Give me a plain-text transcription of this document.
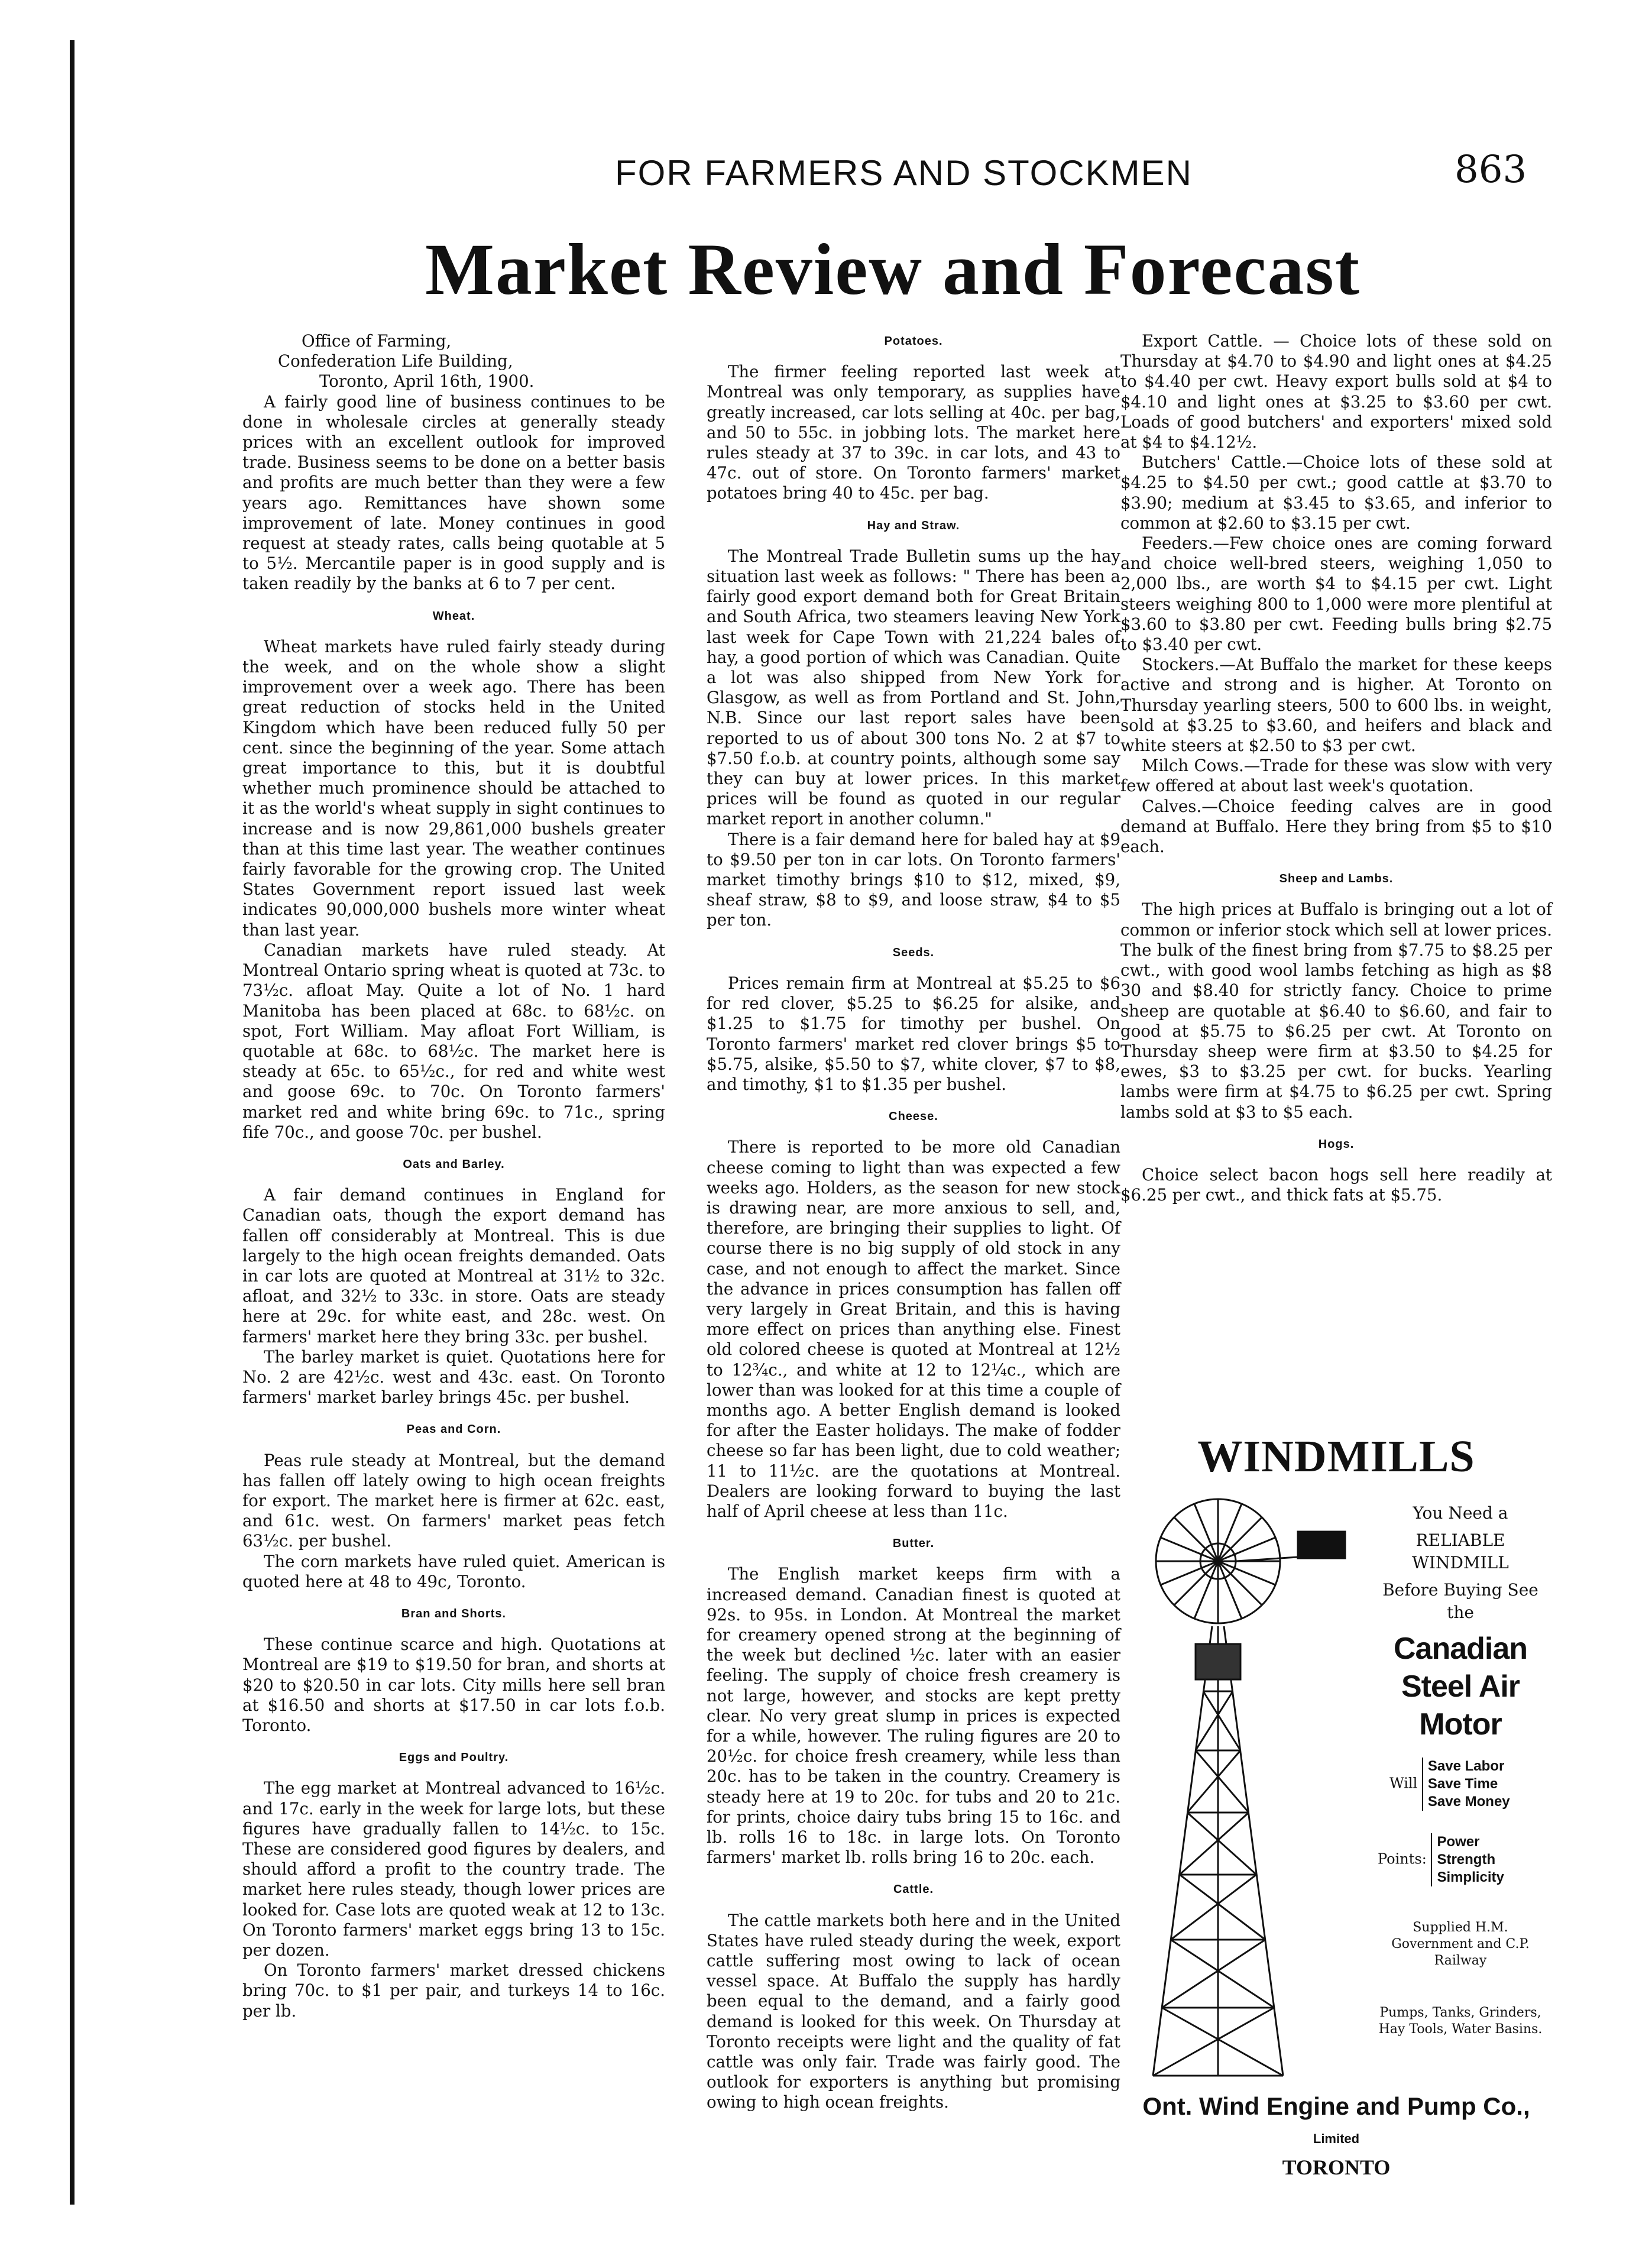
FOR FARMERS AND STOCKMEN	863
Market Review and Forecast

Office of Farming,

Confederation Life Building,

Toronto, April 16th, 1900.

A fairly good line of business continues to be done in wholesale circles at generally steady prices with an excellent outlook for improved trade. Business seems to be done on a better basis and profits are much better than they were a few years ago. Remittances have shown some improvement of late. Money continues in good request at steady rates, calls being quotable at 5 to 5½. Mercantile paper is in good supply and is taken readily by the banks at 6 to 7 per cent.

Wheat.

Wheat markets have ruled fairly steady during the week, and on the whole show a slight improvement over a week ago. There has been great reduction of stocks held in the United Kingdom which have been reduced fully 50 per cent. since the beginning of the year. Some attach great importance to this, but it is doubtful whether much prominence should be attached to it as the world's wheat supply in sight continues to increase and is now 29,861,000 bushels greater than at this time last year. The weather continues fairly favorable for the growing crop. The United States Government report issued last week indicates 90,000,000 bushels more winter wheat than last year.

Canadian markets have ruled steady. At Montreal Ontario spring wheat is quoted at 73c. to 73½c. afloat May. Quite a lot of No. 1 hard Manitoba has been placed at 68c. to 68½c. on spot, Fort William. May afloat Fort William, is quotable at 68c. to 68½c. The market here is steady at 65c. to 65½c., for red and white west and goose 69c. to 70c. On Toronto farmers' market red and white bring 69c. to 71c., spring fife 70c., and goose 70c. per bushel.

Oats and Barley.

A fair demand continues in England for Canadian oats, though the export demand has fallen off considerably at Montreal. This is due largely to the high ocean freights demanded. Oats in car lots are quoted at Montreal at 31½ to 32c. afloat, and 32½ to 33c. in store. Oats are steady here at 29c. for white east, and 28c. west. On farmers' market here they bring 33c. per bushel.

The barley market is quiet. Quotations here for No. 2 are 42½c. west and 43c. east. On Toronto farmers' market barley brings 45c. per bushel.

Peas and Corn.

Peas rule steady at Montreal, but the demand has fallen off lately owing to high ocean freights for export. The market here is firmer at 62c. east, and 61c. west. On farmers' market peas fetch 63½c. per bushel.

The corn markets have ruled quiet. American is quoted here at 48 to 49c, Toronto.

Bran and Shorts.

These continue scarce and high. Quotations at Montreal are $19 to $19.50 for bran, and shorts at $20 to $20.50 in car lots. City mills here sell bran at $16.50 and shorts at $17.50 in car lots f.o.b. Toronto.

Eggs and Poultry.

The egg market at Montreal advanced to 16½c. and 17c. early in the week for large lots, but these figures have gradually fallen to 14½c. to 15c. These are considered good figures by dealers, and should afford a profit to the country trade. The market here rules steady, though lower prices are looked for. Case lots are quoted weak at 12 to 13c. On Toronto farmers' market eggs bring 13 to 15c. per dozen.

On Toronto farmers' market dressed chickens bring 70c. to $1 per pair, and turkeys 14 to 16c. per lb.

Potatoes.

The firmer feeling reported last week at Montreal was only temporary, as supplies have greatly increased, car lots selling at 40c. per bag, and 50 to 55c. in jobbing lots. The market here rules steady at 37 to 39c. in car lots, and 43 to 47c. out of store. On Toronto farmers' market potatoes bring 40 to 45c. per bag.

Hay and Straw.

The Montreal Trade Bulletin sums up the hay situation last week as follows: " There has been a fairly good export demand both for Great Britain and South Africa, two steamers leaving New York last week for Cape Town with 21,224 bales of hay, a good portion of which was Canadian. Quite a lot was also shipped from New York for Glasgow, as well as from Portland and St. John, N.B. Since our last report sales have been reported to us of about 300 tons No. 2 at $7 to $7.50 f.o.b. at country points, although some say they can buy at lower prices. In this market prices will be found as quoted in our regular market report in another column."

There is a fair demand here for baled hay at $9 to $9.50 per ton in car lots. On Toronto farmers' market timothy brings $10 to $12, mixed, $9, sheaf straw, $8 to $9, and loose straw, $4 to $5 per ton.

Seeds.

Prices remain firm at Montreal at $5.25 to $6 for red clover, $5.25 to $6.25 for alsike, and $1.25 to $1.75 for timothy per bushel. On Toronto farmers' market red clover brings $5 to $5.75, alsike, $5.50 to $7, white clover, $7 to $8, and timothy, $1 to $1.35 per bushel.

Cheese.

There is reported to be more old Canadian cheese coming to light than was expected a few weeks ago. Holders, as the season for new stock is drawing near, are more anxious to sell, and, therefore, are bringing their supplies to light. Of course there is no big supply of old stock in any case, and not enough to affect the market. Since the advance in prices consumption has fallen off very largely in Great Britain, and this is having more effect on prices than anything else. Finest old colored cheese is quoted at Montreal at 12½ to 12¾c., and white at 12 to 12¼c., which are lower than was looked for at this time a couple of months ago. A better English demand is looked for after the Easter holidays. The make of fodder cheese so far has been light, due to cold weather; 11 to 11½c. are the quotations at Montreal. Dealers are looking forward to buying the last half of April cheese at less than 11c.

Butter.

The English market keeps firm with a increased demand. Canadian finest is quoted at 92s. to 95s. in London. At Montreal the market for creamery opened strong at the beginning of the week but declined ½c. later with an easier feeling. The supply of choice fresh creamery is not large, however, and stocks are kept pretty clear. No very great slump in prices is expected for a while, however. The ruling figures are 20 to 20½c. for choice fresh creamery, while less than 20c. has to be taken in the country. Creamery is steady here at 19 to 20c. for tubs and 20 to 21c. for prints, choice dairy tubs bring 15 to 16c. and lb. rolls 16 to 18c. in large lots. On Toronto farmers' market lb. rolls bring 16 to 20c. each.

Cattle.

The cattle markets both here and in the United States have ruled steady during the week, export cattle suffering most owing to lack of ocean vessel space. At Buffalo the supply has hardly been equal to the demand, and a fairly good demand is looked for this week. On Thursday at Toronto receipts were light and the quality of fat cattle was only fair. Trade was fairly good. The outlook for exporters is anything but promising owing to high ocean freights.

Export Cattle. — Choice lots of these sold on Thursday at $4.70 to $4.90 and light ones at $4.25 to $4.40 per cwt. Heavy export bulls sold at $4 to $4.10 and light ones at $3.25 to $3.60 per cwt. Loads of good butchers' and exporters' mixed sold at $4 to $4.12½.

Butchers' Cattle.—Choice lots of these sold at $4.25 to $4.50 per cwt.; good cattle at $3.70 to $3.90; medium at $3.45 to $3.65, and inferior to common at $2.60 to $3.15 per cwt.

Feeders.—Few choice ones are coming forward and choice well-bred steers, weighing 1,050 to 2,000 lbs., are worth $4 to $4.15 per cwt. Light steers weighing 800 to 1,000 were more plentiful at $3.60 to $3.80 per cwt. Feeding bulls bring $2.75 to $3.40 per cwt.

Stockers.—At Buffalo the market for these keeps active and strong and is higher. At Toronto on Thursday yearling steers, 500 to 600 lbs. in weight, sold at $3.25 to $3.60, and heifers and black and white steers at $2.50 to $3 per cwt.

Milch Cows.—Trade for these was slow with very few offered at about last week's quotation.

Calves.—Choice feeding calves are in good demand at Buffalo. Here they bring from $5 to $10 each.

Sheep and Lambs.

The high prices at Buffalo is bringing out a lot of common or inferior stock which sell at lower prices. The bulk of the finest bring from $7.75 to $8.25 per cwt., with good wool lambs fetching as high as $8 30 and $8.40 for strictly fancy. Choice to prime sheep are quotable at $6.40 to $6.60, and fair to good at $5.75 to $6.25 per cwt. At Toronto on Thursday sheep were firm at $3.50 to $4.25 for ewes, $3 to $3.25 per cwt. for bucks. Yearling lambs were firm at $4.75 to $6.25 per cwt. Spring lambs sold at $3 to $5 each.

Hogs.

Choice select bacon hogs sell here readily at $6.25 per cwt., and thick fats at $5.75.

WINDMILLS
You Need a
RELIABLE
WINDMILL
Before Buying See
the
Canadian Steel Air Motor
Will
Save Labor
Save Time
Save Money
Points:
Power
Strength
Simplicity
Supplied H.M. Government and C.P. Railway
Pumps, Tanks, Grinders, Hay Tools, Water Basins.
Ont. Wind Engine and Pump Co., Limited
TORONTO
